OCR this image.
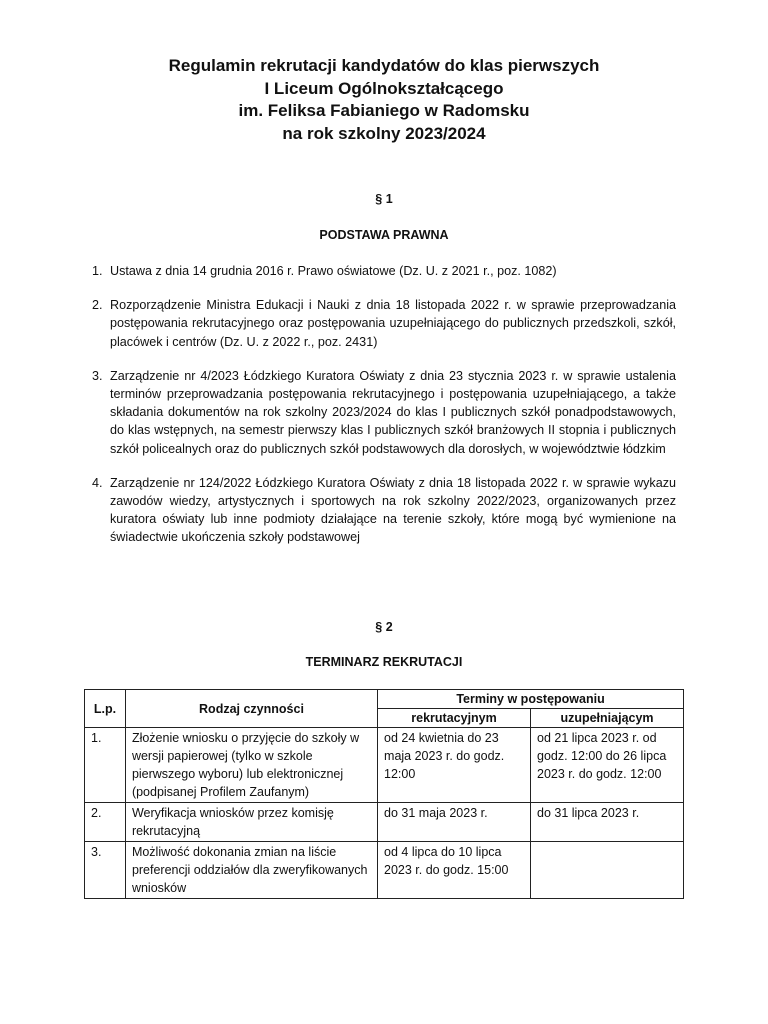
Regulamin rekrutacji kandydatów do klas pierwszych
I Liceum Ogólnokształcącego
im. Feliksa Fabianiego w Radomsku
na rok szkolny 2023/2024
§ 1
PODSTAWA PRAWNA
1. Ustawa z dnia 14 grudnia 2016 r. Prawo oświatowe (Dz. U. z 2021 r., poz. 1082)
2. Rozporządzenie Ministra Edukacji i Nauki z dnia 18 listopada 2022 r. w sprawie przeprowadzania postępowania rekrutacyjnego oraz postępowania uzupełniającego do publicznych przedszkoli, szkół, placówek i centrów (Dz. U. z 2022 r., poz. 2431)
3. Zarządzenie nr 4/2023 Łódzkiego Kuratora Oświaty z dnia 23 stycznia 2023 r. w sprawie ustalenia terminów przeprowadzania postępowania rekrutacyjnego i postępowania uzupełniającego, a także składania dokumentów na rok szkolny 2023/2024 do klas I publicznych szkół ponadpodstawowych, do klas wstępnych, na semestr pierwszy klas I publicznych szkół branżowych II stopnia i publicznych szkół policealnych oraz do publicznych szkół podstawowych dla dorosłych, w województwie łódzkim
4. Zarządzenie nr 124/2022 Łódzkiego Kuratora Oświaty z dnia 18 listopada 2022 r. w sprawie wykazu zawodów wiedzy, artystycznych i sportowych na rok szkolny 2022/2023, organizowanych przez kuratora oświaty lub inne podmioty działające na terenie szkoły, które mogą być wymienione na świadectwie ukończenia szkoły podstawowej
§ 2
TERMINARZ REKRUTACJI
L.p.	Rodzaj czynności	Terminy w postępowaniu	
		rekrutacyjnym	uzupełniającym
1.	Złożenie wniosku o przyjęcie do szkoły w wersji papierowej (tylko w szkole pierwszego wyboru) lub elektronicznej (podpisanej Profilem Zaufanym)	od 24 kwietnia do 23 maja 2023 r. do godz. 12:00	od 21 lipca 2023 r. od godz. 12:00 do 26 lipca 2023 r. do godz. 12:00
2.	Weryfikacja wniosków przez komisję rekrutacyjną	do 31 maja 2023 r.	do 31 lipca 2023 r.
3.	Możliwość dokonania zmian na liście preferencji oddziałów dla zweryfikowanych wniosków	od 4 lipca do 10 lipca 2023 r. do godz. 15:00	
